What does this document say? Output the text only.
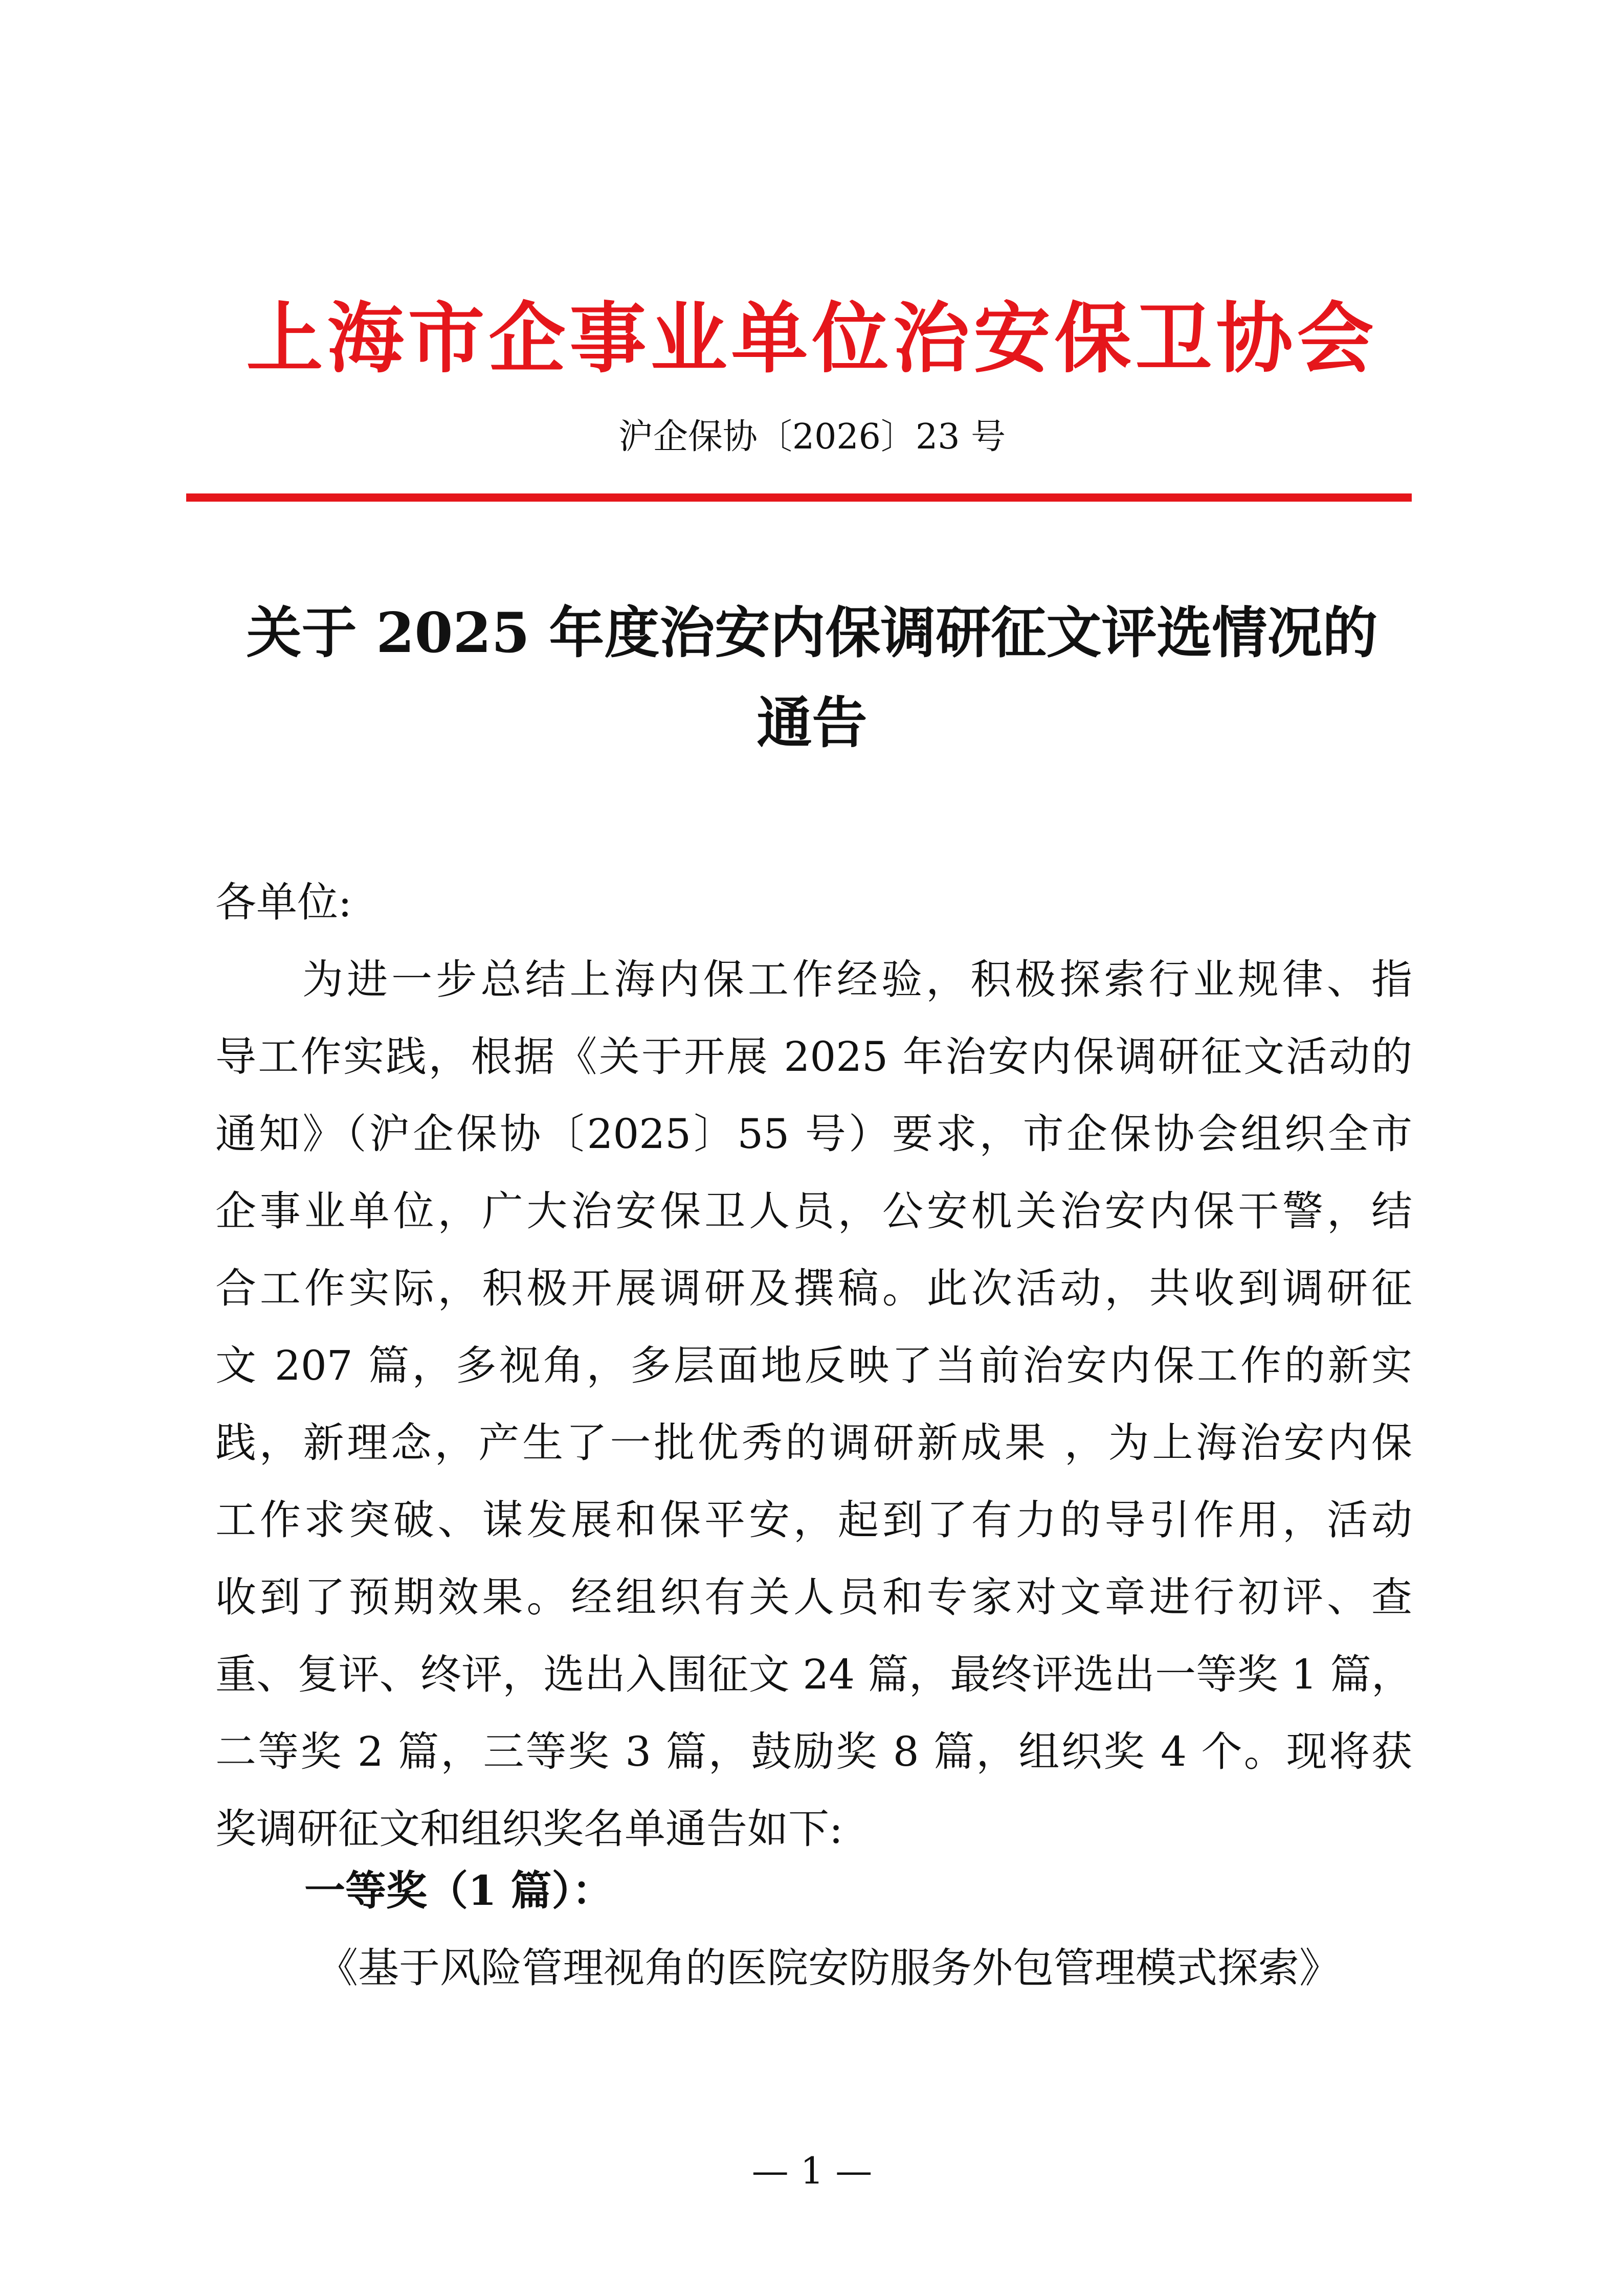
上海市企事业单位治安保卫协会
沪企保协〔2026〕23 号
关于 2025 年度治安内保调研征文评选情况的
通告
各单位:
为进一步总结上海内保工作经验，积极探索行业规律、指
导工作实践，根据《关于开展 2025 年治安内保调研征文活动的
通知》（沪企保协〔2025〕55 号）要求，市企保协会组织全市
企事业单位，广大治安保卫人员，公安机关治安内保干警，结
合工作实际，积极开展调研及撰稿。此次活动，共收到调研征
文 207 篇，多视角，多层面地反映了当前治安内保工作的新实
践，新理念，产生了一批优秀的调研新成果 ，为上海治安内保
工作求突破、谋发展和保平安，起到了有力的导引作用，活动
收到了预期效果。经组织有关人员和专家对文章进行初评、查
重、复评、终评，选出入围征文 24 篇，最终评选出一等奖 1 篇，
二等奖 2 篇，三等奖 3 篇，鼓励奖 8 篇，组织奖 4 个。现将获
奖调研征文和组织奖名单通告如下:
一等奖（1 篇）：
《基于风险管理视角的医院安防服务外包管理模式探索》
— 1 —
